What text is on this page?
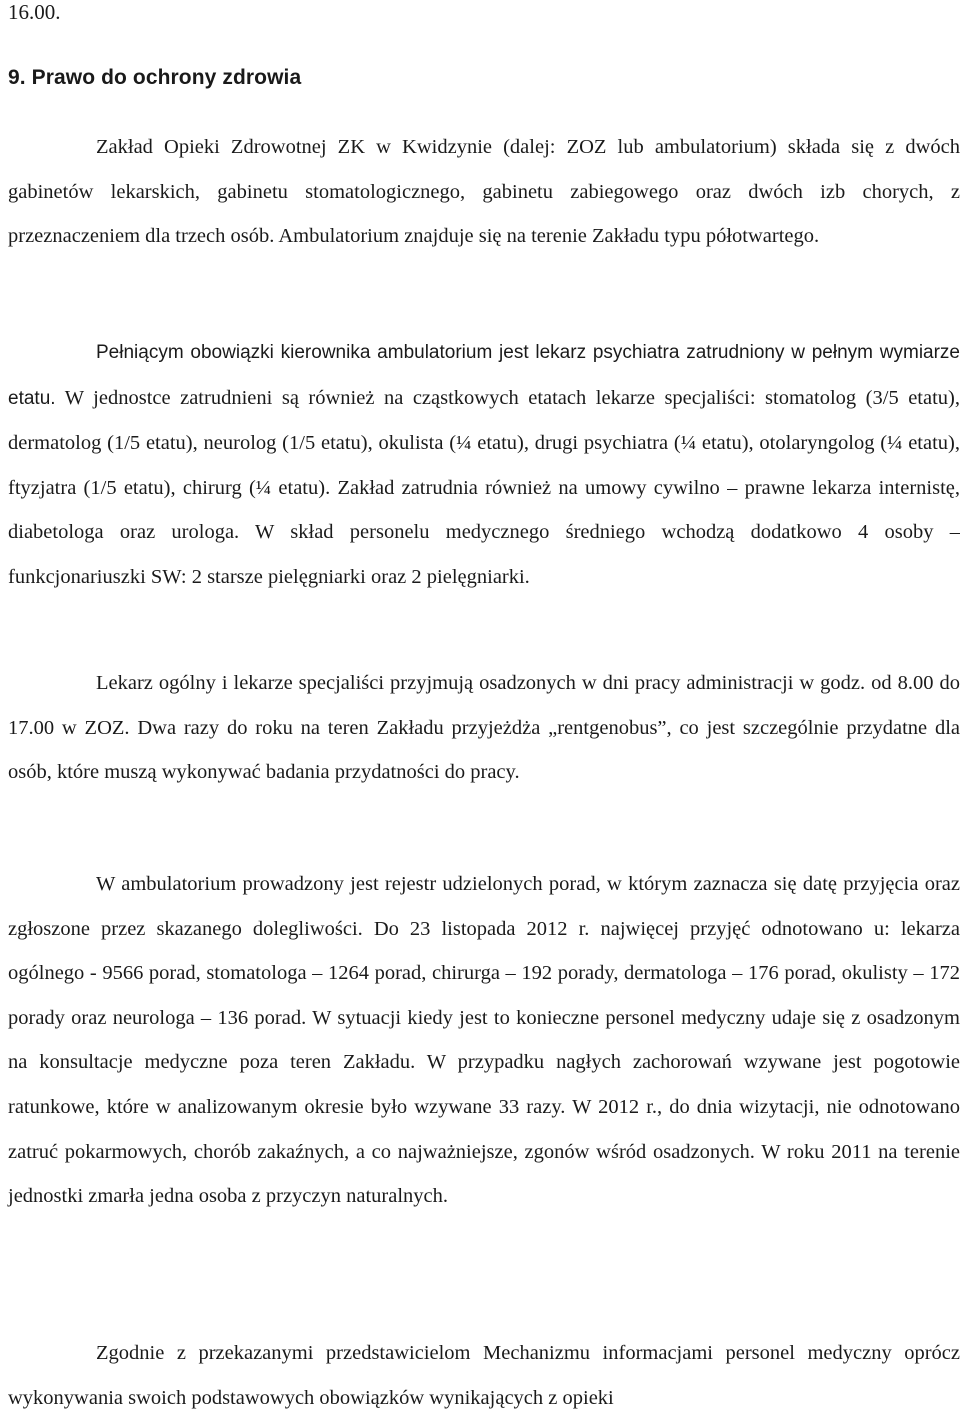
16.00.
9. Prawo do ochrony zdrowia

Zakład Opieki Zdrowotnej ZK w Kwidzynie (dalej: ZOZ lub ambulatorium) składa się z dwóch gabinetów lekarskich, gabinetu stomatologicznego, gabinetu zabiegowego oraz dwóch izb chorych, z przeznaczeniem dla trzech osób. Ambulatorium znajduje się na terenie Zakładu typu półotwartego.

Pełniącym obowiązki kierownika ambulatorium jest lekarz psychiatra zatrudniony w pełnym wymiarze etatu. W jednostce zatrudnieni są również na cząstkowych etatach lekarze specjaliści: stomatolog (3/5 etatu), dermatolog (1/5 etatu), neurolog (1/5 etatu), okulista (¼ etatu), drugi psychiatra (¼ etatu), otolaryngolog (¼ etatu), ftyzjatra (1/5 etatu), chirurg (¼ etatu). Zakład zatrudnia również na umowy cywilno – prawne lekarza internistę, diabetologa oraz urologa. W skład personelu medycznego średniego wchodzą dodatkowo 4 osoby – funkcjonariuszki SW: 2 starsze pielęgniarki oraz 2 pielęgniarki.

Lekarz ogólny i lekarze specjaliści przyjmują osadzonych w dni pracy administracji w godz. od 8.00 do 17.00 w ZOZ. Dwa razy do roku na teren Zakładu przyjeżdża „rentgenobus”, co jest szczególnie przydatne dla osób, które muszą wykonywać badania przydatności do pracy.

W ambulatorium prowadzony jest rejestr udzielonych porad, w którym zaznacza się datę przyjęcia oraz zgłoszone przez skazanego dolegliwości. Do 23 listopada 2012 r. najwięcej przyjęć odnotowano u: lekarza ogólnego - 9566 porad, stomatologa – 1264 porad, chirurga – 192 porady, dermatologa – 176 porad, okulisty – 172 porady oraz neurologa – 136 porad. W sytuacji kiedy jest to konieczne personel medyczny udaje się z osadzonym na konsultacje medyczne poza teren Zakładu. W przypadku nagłych zachorowań wzywane jest pogotowie ratunkowe, które w analizowanym okresie było wzywane 33 razy. W 2012 r., do dnia wizytacji, nie odnotowano zatruć pokarmowych, chorób zakaźnych, a co najważniejsze, zgonów wśród osadzonych. W roku 2011 na terenie jednostki zmarła jedna osoba z przyczyn naturalnych.

Zgodnie z przekazanymi przedstawicielom Mechanizmu informacjami personel medyczny oprócz wykonywania swoich podstawowych obowiązków wynikających z opieki
